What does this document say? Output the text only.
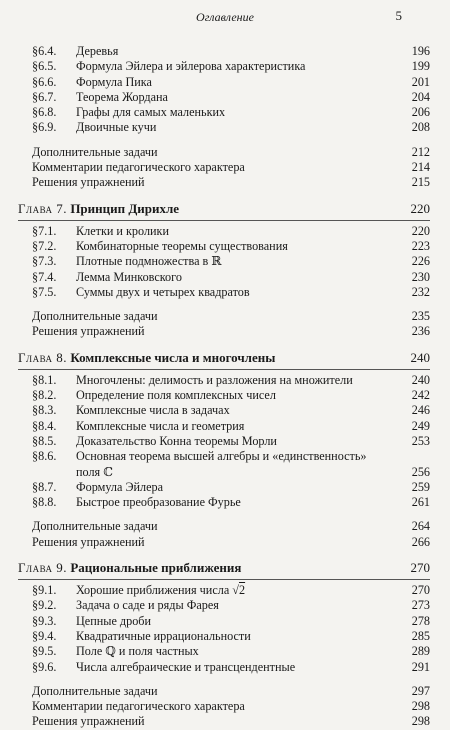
Оглавление	5
§6.4. Деревья	196
§6.5. Формула Эйлера и эйлерова характеристика	199
§6.6. Формула Пика	201
§6.7. Теорема Жордана	204
§6.8. Графы для самых маленьких	206
§6.9. Двоичные кучи	208
Дополнительные задачи	212
Комментарии педагогического характера	214
Решения упражнений	215
Глава 7. Принцип Дирихле	220
§7.1. Клетки и кролики	220
§7.2. Комбинаторные теоремы существования	223
§7.3. Плотные подмножества в ℝ	226
§7.4. Лемма Минковского	230
§7.5. Суммы двух и четырех квадратов	232
Дополнительные задачи	235
Решения упражнений	236
Глава 8. Комплексные числа и многочлены	240
§8.1. Многочлены: делимость и разложения на множители	240
§8.2. Определение поля комплексных чисел	242
§8.3. Комплексные числа в задачах	246
§8.4. Комплексные числа и геометрия	249
§8.5. Доказательство Конна теоремы Морли	253
§8.6. Основная теорема высшей алгебры и «единственность»
поля ℂ	256
§8.7. Формула Эйлера	259
§8.8. Быстрое преобразование Фурье	261
Дополнительные задачи	264
Решения упражнений	266
Глава 9. Рациональные приближения	270
§9.1. Хорошие приближения числа √2	270
§9.2. Задача о саде и ряды Фарея	273
§9.3. Цепные дроби	278
§9.4. Квадратичные иррациональности	285
§9.5. Поле ℚ и поля частных	289
§9.6. Числа алгебраические и трансцендентные	291
Дополнительные задачи	297
Комментарии педагогического характера	298
Решения упражнений	298
